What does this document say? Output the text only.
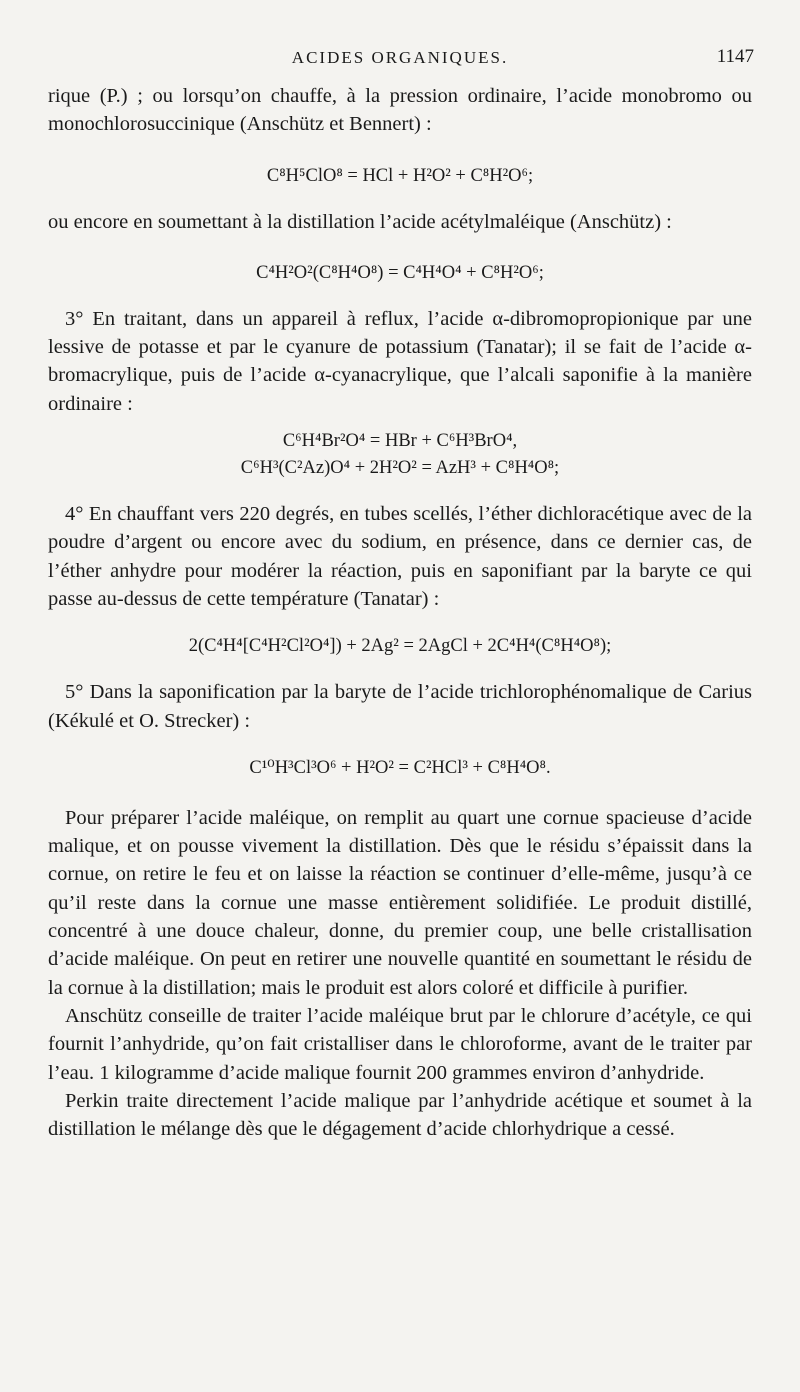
ACIDES ORGANIQUES.	1147

rique (P.) ; ou lorsqu’on chauffe, à la pression ordinaire, l’acide monobromo ou monochlorosuccinique (Anschütz et Bennert) :

C⁸H⁵ClO⁸ = HCl + H²O² + C⁸H²O⁶;

ou encore en soumettant à la distillation l’acide acétylmaléique (Anschütz) :

C⁴H²O²(C⁸H⁴O⁸) = C⁴H⁴O⁴ + C⁸H²O⁶;

3° En traitant, dans un appareil à reflux, l’acide α-dibromopropionique par une lessive de potasse et par le cyanure de potassium (Tanatar); il se fait de l’acide α-bromacrylique, puis de l’acide α-cyanacrylique, que l’alcali saponifie à la manière ordinaire :

C⁶H⁴Br²O⁴ = HBr + C⁶H³BrO⁴,

C⁶H³(C²Az)O⁴ + 2H²O² = AzH³ + C⁸H⁴O⁸;

4° En chauffant vers 220 degrés, en tubes scellés, l’éther dichloracétique avec de la poudre d’argent ou encore avec du sodium, en présence, dans ce dernier cas, de l’éther anhydre pour modérer la réaction, puis en saponifiant par la baryte ce qui passe au-dessus de cette température (Tanatar) :

2(C⁴H⁴[C⁴H²Cl²O⁴]) + 2Ag² = 2AgCl + 2C⁴H⁴(C⁸H⁴O⁸);

5° Dans la saponification par la baryte de l’acide trichlorophénomalique de Carius (Kékulé et O. Strecker) :

C¹⁰H³Cl³O⁶ + H²O² = C²HCl³ + C⁸H⁴O⁸.

Pour préparer l’acide maléique, on remplit au quart une cornue spacieuse d’acide malique, et on pousse vivement la distillation. Dès que le résidu s’épaissit dans la cornue, on retire le feu et on laisse la réaction se continuer d’elle-même, jusqu’à ce qu’il reste dans la cornue une masse entièrement solidifiée. Le produit distillé, concentré à une douce chaleur, donne, du premier coup, une belle cristallisation d’acide maléique. On peut en retirer une nouvelle quantité en soumettant le résidu de la cornue à la distillation; mais le produit est alors coloré et difficile à purifier.

Anschütz conseille de traiter l’acide maléique brut par le chlorure d’acétyle, ce qui fournit l’anhydride, qu’on fait cristalliser dans le chloroforme, avant de le traiter par l’eau. 1 kilogramme d’acide malique fournit 200 grammes environ d’anhydride.

Perkin traite directement l’acide malique par l’anhydride acétique et soumet à la distillation le mélange dès que le dégagement d’acide chlorhydrique a cessé.
